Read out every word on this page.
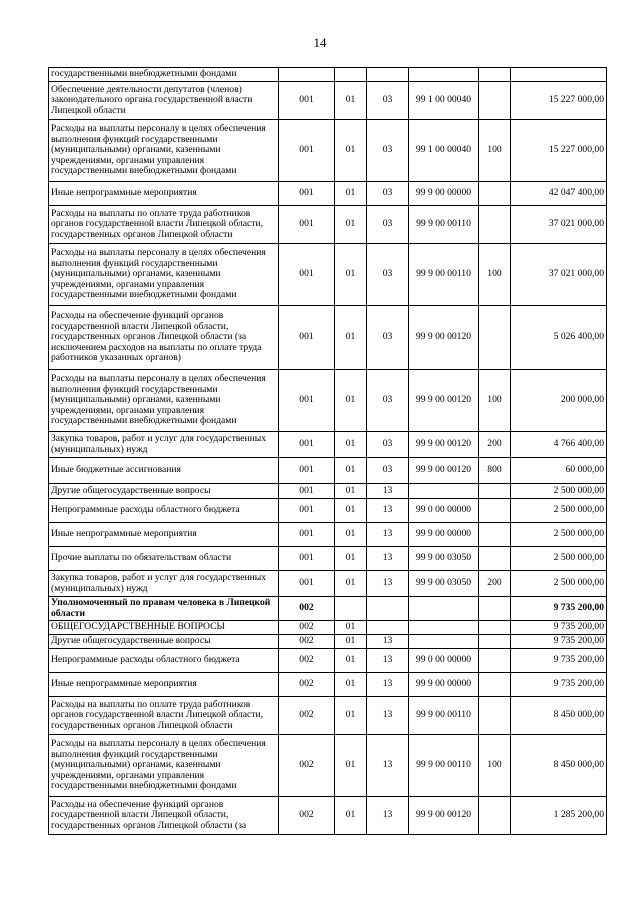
14
государственными внебюджетными фондами						
Обеспечение деятельности депутатов (членов) законодательного органа государственной власти Липецкой области	001	01	03	99 1 00 00040		15 227 000,00
Расходы на выплаты персоналу в целях обеспечения выполнения функций государственными (муниципальными) органами, казенными учреждениями, органами управления государственными внебюджетными фондами	001	01	03	99 1 00 00040	100	15 227 000,00
Иные непрограммные мероприятия	001	01	03	99 9 00 00000		42 047 400,00
Расходы на выплаты по оплате труда работников органов государственной власти Липецкой области, государственных органов Липецкой области	001	01	03	99 9 00 00110		37 021 000,00
Расходы на выплаты персоналу в целях обеспечения выполнения функций государственными (муниципальными) органами, казенными учреждениями, органами управления государственными внебюджетными фондами	001	01	03	99 9 00 00110	100	37 021 000,00
Расходы на обеспечение функций органов государственной власти Липецкой области, государственных органов Липецкой области (за исключением расходов на выплаты по оплате труда работников указанных органов)	001	01	03	99 9 00 00120		5 026 400,00
Расходы на выплаты персоналу в целях обеспечения выполнения функций государственными (муниципальными) органами, казенными учреждениями, органами управления государственными внебюджетными фондами	001	01	03	99 9 00 00120	100	200 000,00
Закупка товаров, работ и услуг для государственных (муниципальных) нужд	001	01	03	99 9 00 00120	200	4 766 400,00
Иные бюджетные ассигнования	001	01	03	99 9 00 00120	800	60 000,00
Другие общегосударственные вопросы	001	01	13			2 500 000,00
Непрограммные расходы областного бюджета	001	01	13	99 0 00 00000		2 500 000,00
Иные непрограммные мероприятия	001	01	13	99 9 00 00000		2 500 000,00
Прочие выплаты по обязательствам области	001	01	13	99 9 00 03050		2 500 000,00
Закупка товаров, работ и услуг для государственных (муниципальных) нужд	001	01	13	99 9 00 03050	200	2 500 000,00
Уполномоченный по правам человека в Липецкой области	002					9 735 200,00
ОБЩЕГОСУДАРСТВЕННЫЕ ВОПРОСЫ	002	01				9 735 200,00
Другие общегосударственные вопросы	002	01	13			9 735 200,00
Непрограммные расходы областного бюджета	002	01	13	99 0 00 00000		9 735 200,00
Иные непрограммные мероприятия	002	01	13	99 9 00 00000		9 735 200,00
Расходы на выплаты по оплате труда работников органов государственной власти Липецкой области, государственных органов Липецкой области	002	01	13	99 9 00 00110		8 450 000,00
Расходы на выплаты персоналу в целях обеспечения выполнения функций государственными (муниципальными) органами, казенными учреждениями, органами управления государственными внебюджетными фондами	002	01	13	99 9 00 00110	100	8 450 000,00
Расходы на обеспечение функций органов государственной власти Липецкой области, государственных органов Липецкой области (за	002	01	13	99 9 00 00120		1 285 200,00
